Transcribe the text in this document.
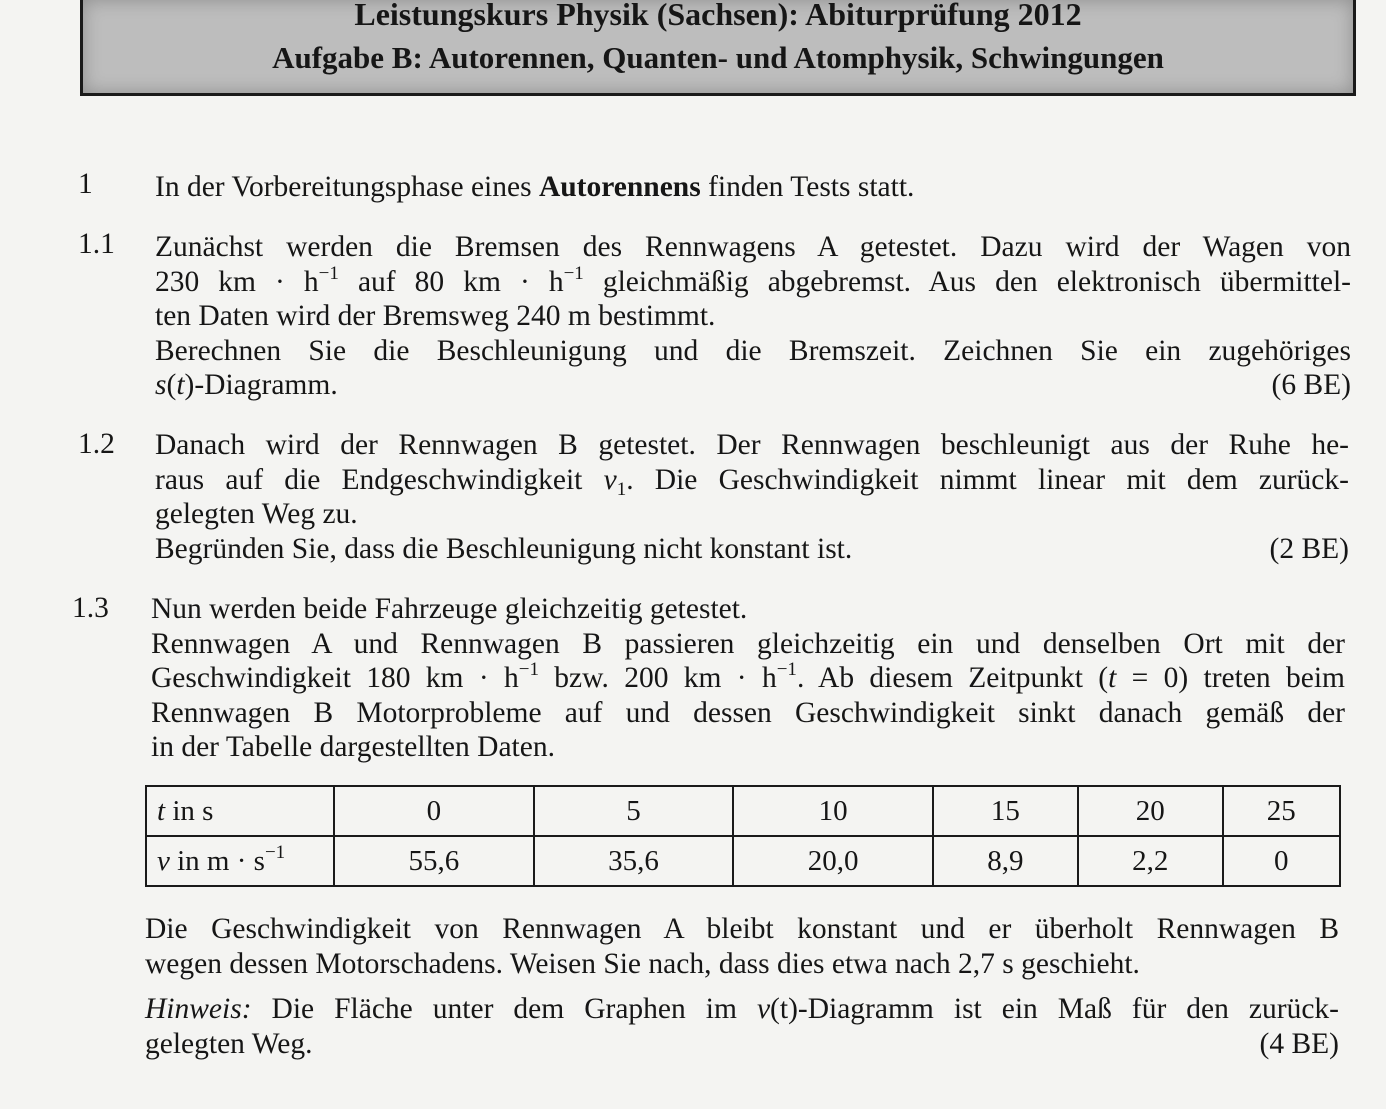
Leistungskurs Physik (Sachsen): Abiturprüfung 2012
Aufgabe B: Autorennen, Quanten- und Atomphysik, Schwingungen
1 In der Vorbereitungsphase eines Autorennens finden Tests statt.
1.1 Zunächst werden die Bremsen des Rennwagens A getestet. Dazu wird der Wagen von
230 km · $h^{-1}$ auf 80 km · $h^{-1}$ gleichmäßig abgebremst. Aus den elektronisch übermittel-
ten Daten wird der Bremsweg 240 m bestimmt.
Berechnen Sie die Beschleunigung und die Bremszeit. Zeichnen Sie ein zugehöriges
s(t)-Diagramm.	(6 BE)
1.2 Danach wird der Rennwagen B getestet. Der Rennwagen beschleunigt aus der Ruhe he-
raus auf die Endgeschwindigkeit $v_1$. Die Geschwindigkeit nimmt linear mit dem zurück-
gelegten Weg zu.
Begründen Sie, dass die Beschleunigung nicht konstant ist.	(2 BE)
1.3 Nun werden beide Fahrzeuge gleichzeitig getestet.
Rennwagen A und Rennwagen B passieren gleichzeitig ein und denselben Ort mit der
Geschwindigkeit 180 km · $h^{-1}$ bzw. 200 km · $h^{-1}$. Ab diesem Zeitpunkt (t = 0) treten beim
Rennwagen B Motorprobleme auf und dessen Geschwindigkeit sinkt danach gemäß der
in der Tabelle dargestellten Daten.
t in s	0	5	10	15	20	25
v in $m \cdot s^{-1}$	55,6	35,6	20,0	8,9	2,2	0
Die Geschwindigkeit von Rennwagen A bleibt konstant und er überholt Rennwagen B
wegen dessen Motorschadens. Weisen Sie nach, dass dies etwa nach 2,7 s geschieht.
Hinweis: Die Fläche unter dem Graphen im v(t)-Diagramm ist ein Maß für den zurück-
gelegten Weg.	(4 BE)
